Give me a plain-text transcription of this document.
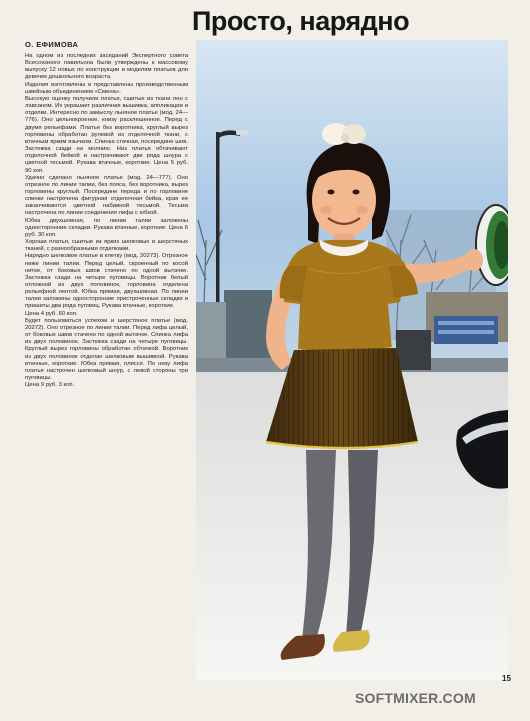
Просто, нарядно
О. ЕФИМОВА

На одном из последних заседаний Экспертного совета Всесоюзного павильона были утверждены к массовому выпуску 12 новых по конструкции и моделям платьев для девочек дошкольного возраста.

Изделия изготовлены и представлены производственным швейным объединением «Смена».

Высокую оценку получили платья, сшитые из ткани лен с лавсаном. Их украшает различная вышивка, аппликации и отделки. Интересно по замыслу льняное платье (мод. 24—776). Оно цельнокроеное, книзу расклешенное. Перед с двумя рельефами. Платье без воротника, круглый вырез горловины обработан рулевой из отделочной ткани, с втачным ярким язычком. Спинка стачная, посередине шов. Застежка сзади на молнию. Низ платья обтачивают отделочной бейкой и настрачивают две ряда шнура с цветной тесьмой. Рукава втачные, короткие. Цена 5 руб. 90 коп.

Удачно сделано льняное платье (мод. 24—777). Оно отрезное по линии талии, без пояса, без воротника, вырез горловины круглый. Посередине переда и по горловине спинки настрочена фигурная отделочная бейка, края ее заканчиваются цветной набивной тесьмой. Тесьма настрочена по линии соединения лифа с юбкой.

Юбка двухшовная, по линии талии заложены односторонние складки. Рукава втачные, короткие. Цена 6 руб. 30 коп.

Хороши платья, сшитые из ярких шелковых и шерстяных тканей, с разнообразными отделками.

Нарядно шелковое платье в клетку (мод. 20273). Отрезное ниже линии талии. Перед целый, скроенный по косой нитке, от боковых швов стачено по одной вытачке. Застежка сзади на четыре пуговицы. Воротник белый отложной из двух половинок, горловина отделена рельефной лентой. Юбка прямая, двухшовная. По линии талии заложены односторонние пристроченные складки и пришиты два ряда пуговиц. Рукава втачные, короткие.

Цена 4 руб. 60 коп.

Будет пользоваться успехом и шерстяное платье (мод. 20272). Оно отрезное по линии талии. Перед лифа целый, от боковых швов стачено по одной вытачке. Спинка лифа из двух половинок. Застежка сзади на четыре пуговицы. Круглый вырез горловины обработан обтачкой. Воротник из двух половинок отделан шелковым вышивкой. Рукава втачные, короткие. Юбка прямая, плиссе. По низу лифа платья настрочен шелковый шнур, с левой стороны три пуговицы.

Цена 9 руб. 3 коп.

15
SOFTMIXER.COM
